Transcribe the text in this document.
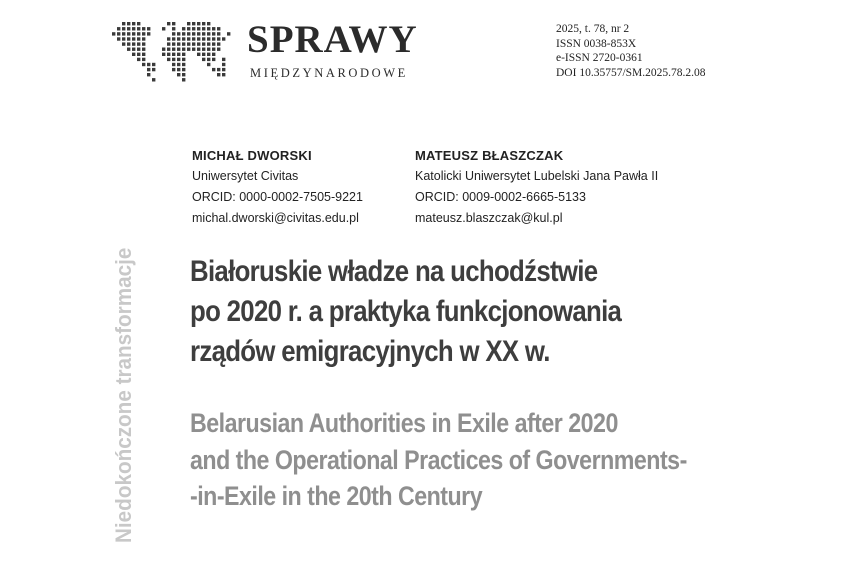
SPRAWY
MIĘDZYNARODOWE
2025, t. 78, nr 2
ISSN 0038-853X
e-ISSN 2720-0361
DOI 10.35757/SM.2025.78.2.08
Niedokończone transformacje
MICHAŁ DWORSKI
Uniwersytet Civitas
ORCID: 0000-0002-7505-9221
michal.dworski@civitas.edu.pl
MATEUSZ BŁASZCZAK
Katolicki Uniwersytet Lubelski Jana Pawła II
ORCID: 0009-0002-6665-5133
mateusz.blaszczak@kul.pl
Białoruskie władze na uchodźstwie
po 2020 r. a praktyka funkcjonowania
rządów emigracyjnych w XX w.
Belarusian Authorities in Exile after 2020
and the Operational Practices of Governments-
-in-Exile in the 20th Century
